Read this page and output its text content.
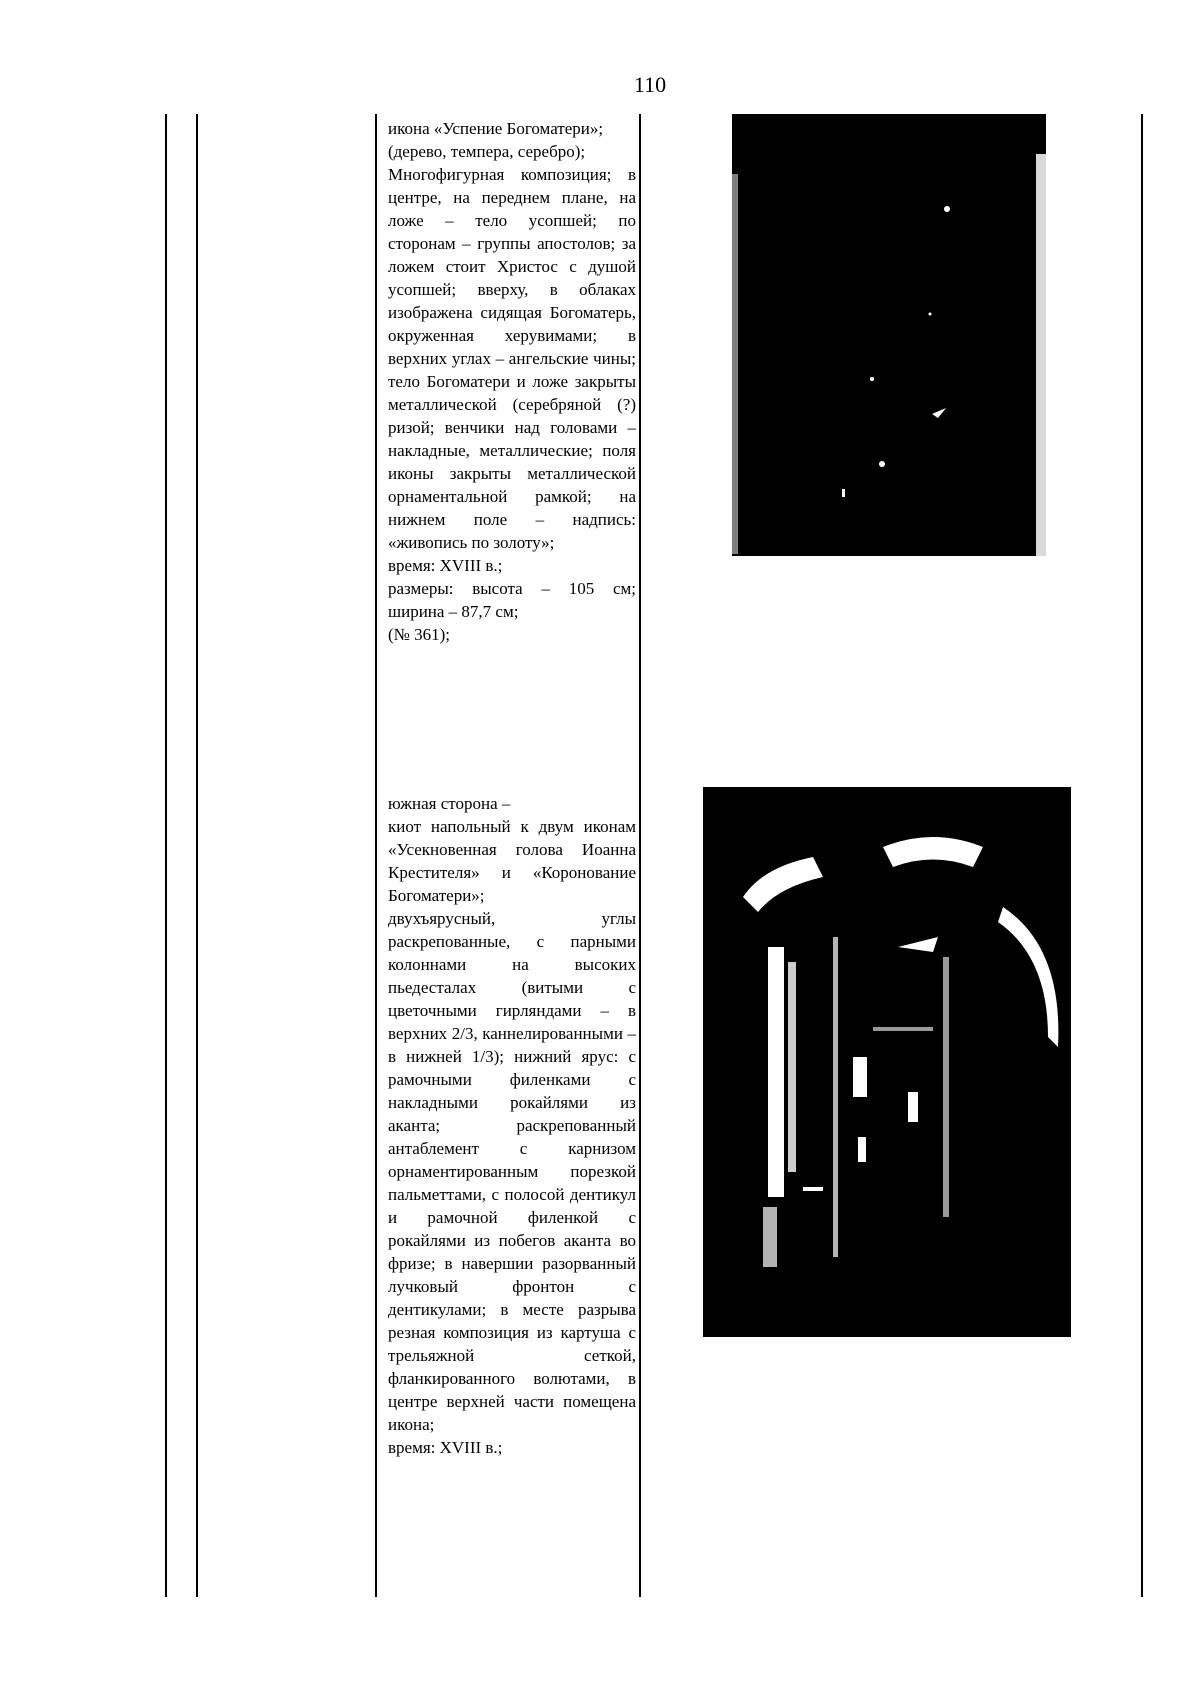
110

икона «Успение Богоматери»;

(дерево, темпера, серебро);

Многофигурная композиция; в центре, на переднем плане, на ложе – тело усопшей; по сторонам – группы апостолов; за ложем стоит Христос с душой усопшей; вверху, в облаках изображена сидящая Богоматерь, окруженная херувимами; в верхних углах – ангельские чины; тело Богоматери и ложе закрыты металлической (серебряной (?) ризой; венчики над головами – накладные, металлические; поля иконы закрыты металлической орнаментальной рамкой; на нижнем поле – надпись: «живопись по золоту»;

время: XVIII в.;

размеры: высота – 105 см; ширина – 87,7 см;

(№ 361);

южная сторона –

киот напольный к двум иконам «Усекновенная голова Иоанна Крестителя» и «Коронование Богоматери»;

двухъярусный, углы раскрепованные, с парными колоннами на высоких пьедесталах (витыми с цветочными гирляндами – в верхних 2/3, каннелированными – в нижней 1/3); нижний ярус: с рамочными филенками с накладными рокайлями из аканта; раскрепованный антаблемент с карнизом орнаментированным порезкой пальметтами, с полосой дентикул и рамочной филенкой с рокайлями из побегов аканта во фризе; в навершии разорванный лучковый фронтон с дентикулами; в месте разрыва резная композиция из картуша с трельяжной сеткой, фланкированного волютами, в центре верхней части помещена икона;

время: XVIII в.;
